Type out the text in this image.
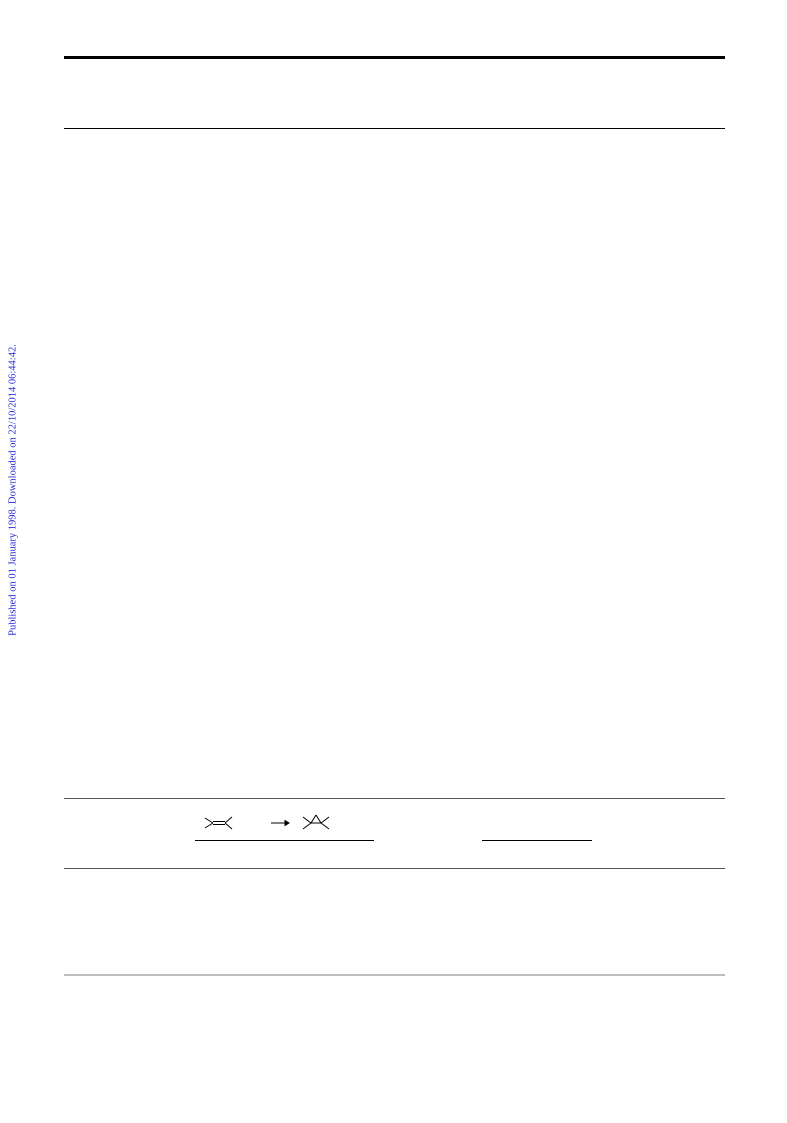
Published on 01 January 1998. Downloaded on 22/10/2014 06:44:42.
